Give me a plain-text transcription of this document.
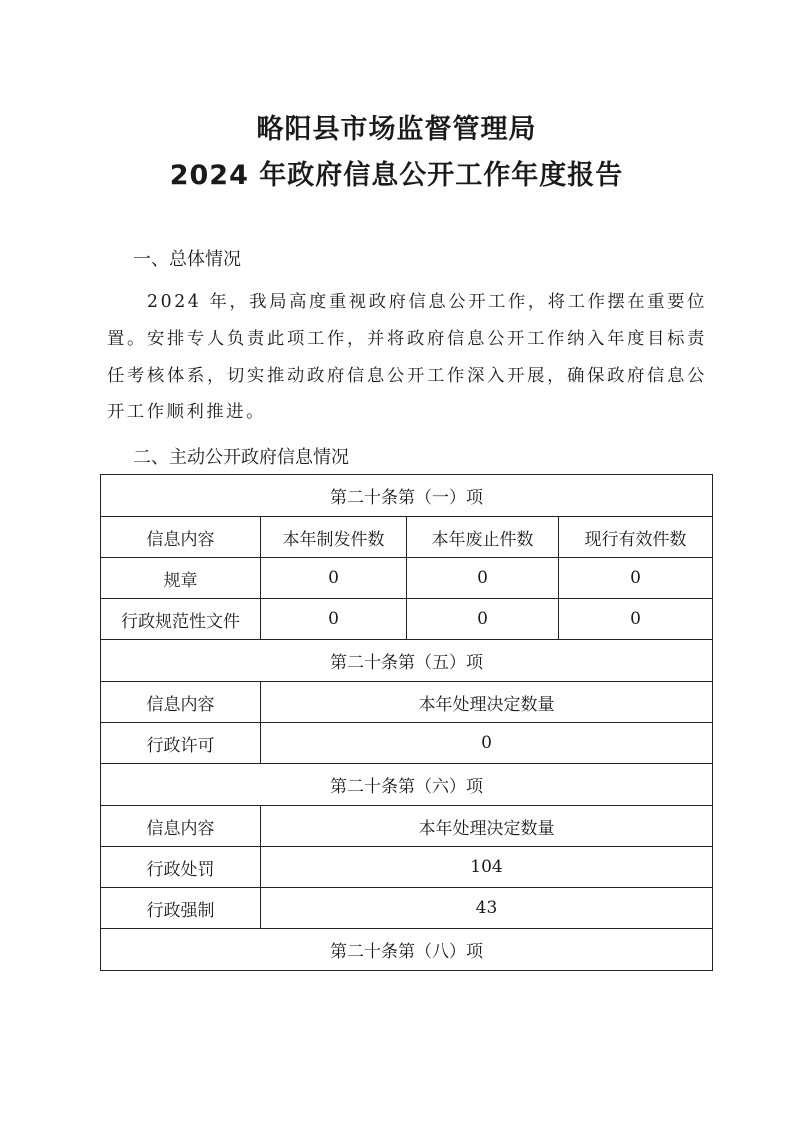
略阳县市场监督管理局
2024 年政府信息公开工作年度报告
一、总体情况

2024 年，我局高度重视政府信息公开工作，将工作摆在重要位置。安排专人负责此项工作，并将政府信息公开工作纳入年度目标责任考核体系，切实推动政府信息公开工作深入开展，确保政府信息公开工作顺利推进。

二、主动公开政府信息情况
第二十条第（一）项			
信息内容	本年制发件数	本年废止件数	现行有效件数
规章	0	0	0
行政规范性文件	0	0	0
第二十条第（五）项			
信息内容	本年处理决定数量		
行政许可	0		
第二十条第（六）项			
信息内容	本年处理决定数量		
行政处罚	104		
行政强制	43		
第二十条第（八）项			
